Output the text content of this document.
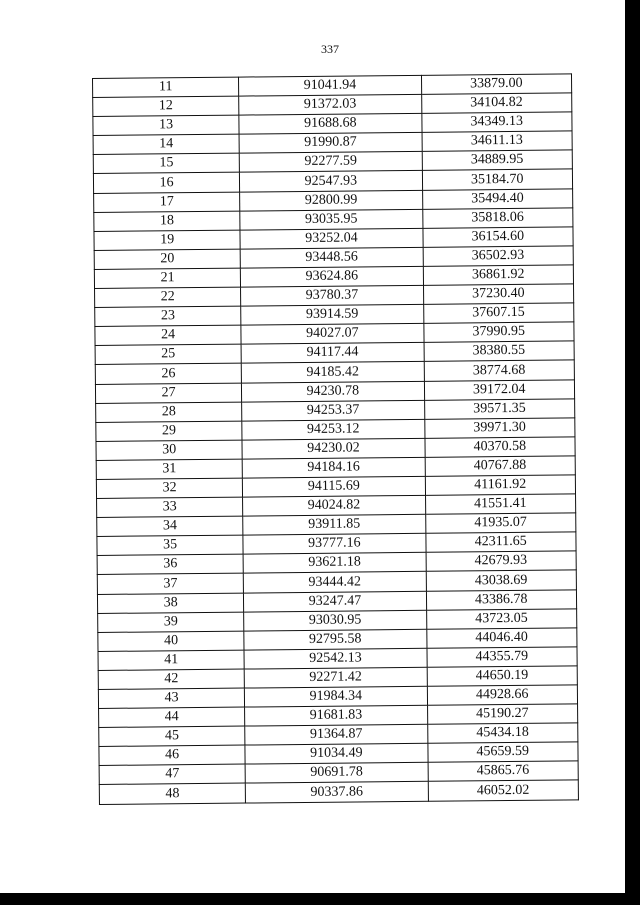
337
11	91041.94	33879.00
12	91372.03	34104.82
13	91688.68	34349.13
14	91990.87	34611.13
15	92277.59	34889.95
16	92547.93	35184.70
17	92800.99	35494.40
18	93035.95	35818.06
19	93252.04	36154.60
20	93448.56	36502.93
21	93624.86	36861.92
22	93780.37	37230.40
23	93914.59	37607.15
24	94027.07	37990.95
25	94117.44	38380.55
26	94185.42	38774.68
27	94230.78	39172.04
28	94253.37	39571.35
29	94253.12	39971.30
30	94230.02	40370.58
31	94184.16	40767.88
32	94115.69	41161.92
33	94024.82	41551.41
34	93911.85	41935.07
35	93777.16	42311.65
36	93621.18	42679.93
37	93444.42	43038.69
38	93247.47	43386.78
39	93030.95	43723.05
40	92795.58	44046.40
41	92542.13	44355.79
42	92271.42	44650.19
43	91984.34	44928.66
44	91681.83	45190.27
45	91364.87	45434.18
46	91034.49	45659.59
47	90691.78	45865.76
48	90337.86	46052.02
